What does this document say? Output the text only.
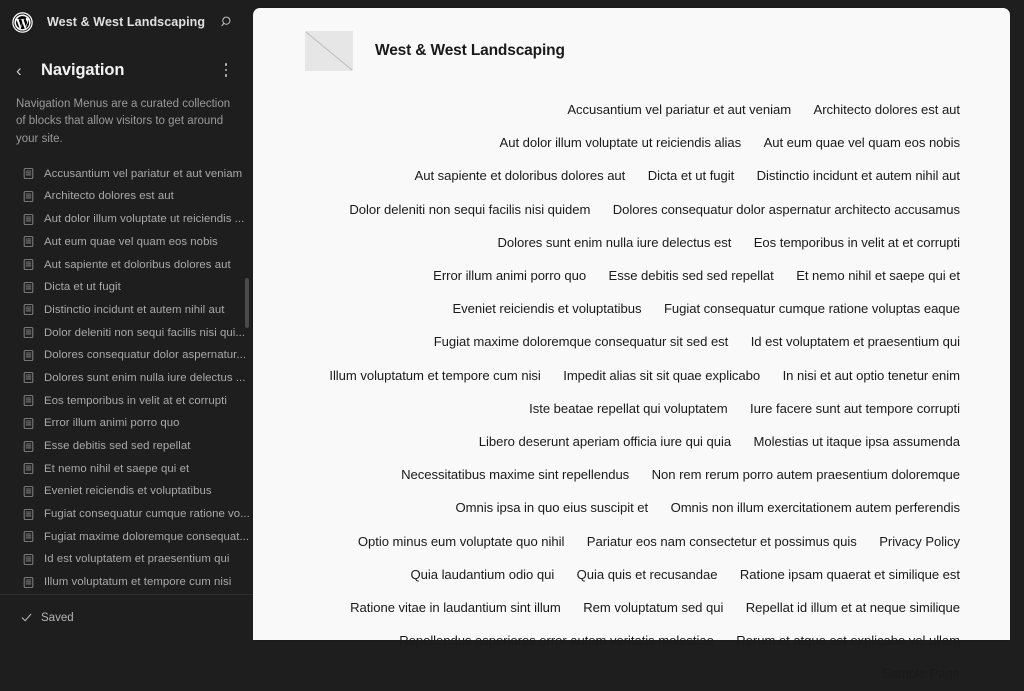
West & West Landscaping
‹	Navigation

Navigation Menus are a curated collection of blocks that allow visitors to get around your site.

Accusantium vel pariatur et aut veniam
Architecto dolores est aut
Aut dolor illum voluptate ut reiciendis ...
Aut eum quae vel quam eos nobis
Aut sapiente et doloribus dolores aut
Dicta et ut fugit
Distinctio incidunt et autem nihil aut
Dolor deleniti non sequi facilis nisi qui...
Dolores consequatur dolor aspernatur...
Dolores sunt enim nulla iure delectus ...
Eos temporibus in velit at et corrupti
Error illum animi porro quo
Esse debitis sed sed repellat
Et nemo nihil et saepe qui et
Eveniet reiciendis et voluptatibus
Fugiat consequatur cumque ratione vo...
Fugiat maxime doloremque consequat...
Id est voluptatem et praesentium qui
Illum voluptatum et tempore cum nisi
Saved
West & West Landscaping
Accusantium vel pariatur et aut veniam Architecto dolores est aut Aut dolor illum voluptate ut reiciendis alias Aut eum quae vel quam eos nobis Aut sapiente et doloribus dolores aut Dicta et ut fugit Distinctio incidunt et autem nihil aut Dolor deleniti non sequi facilis nisi quidem Dolores consequatur dolor aspernatur architecto accusamus Dolores sunt enim nulla iure delectus est Eos temporibus in velit at et corrupti Error illum animi porro quo Esse debitis sed sed repellat Et nemo nihil et saepe qui et Eveniet reiciendis et voluptatibus Fugiat consequatur cumque ratione voluptas eaque Fugiat maxime doloremque consequatur sit sed est Id est voluptatem et praesentium qui Illum voluptatum et tempore cum nisi Impedit alias sit sit quae explicabo In nisi et aut optio tenetur enim Iste beatae repellat qui voluptatem Iure facere sunt aut tempore corrupti Libero deserunt aperiam officia iure qui quia Molestias ut itaque ipsa assumenda Necessitatibus maxime sint repellendus Non rem rerum porro autem praesentium doloremque Omnis ipsa in quo eius suscipit et Omnis non illum exercitationem autem perferendis Optio minus eum voluptate quo nihil Pariatur eos nam consectetur et possimus quis Privacy Policy Quia laudantium odio qui Quia quis et recusandae Ratione ipsam quaerat et similique est Ratione vitae in laudantium sint illum Rem voluptatum sed qui Repellat id illum et at neque similique Repellendus asperiores error autem veritatis molestiae Rerum et atque est explicabo vel ullam Sample Page
